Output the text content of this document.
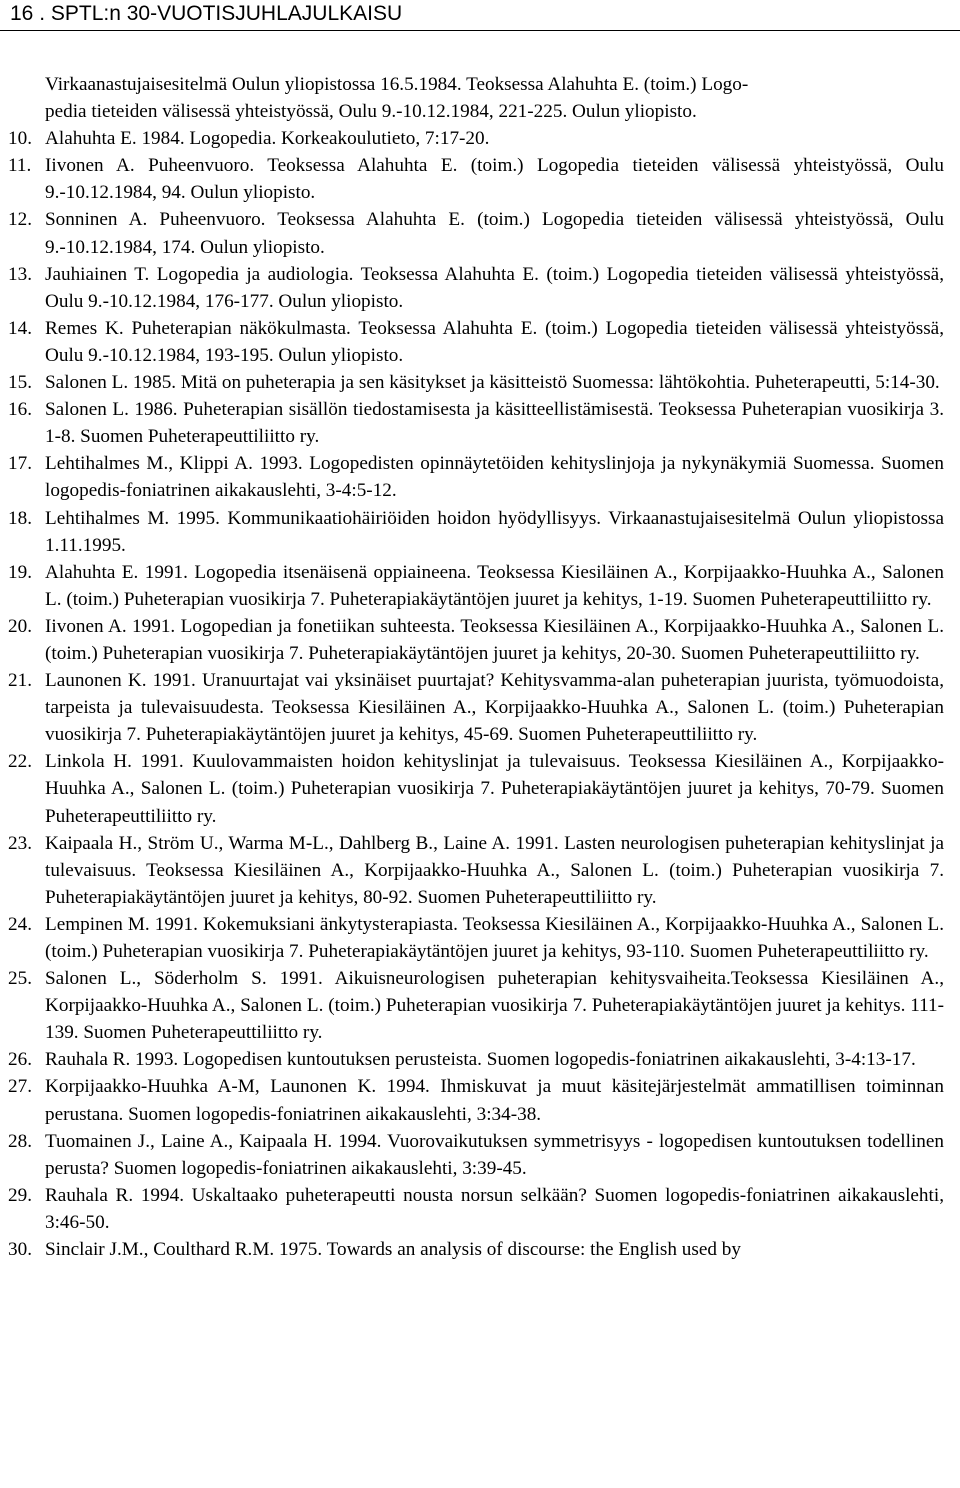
16 . SPTL:n 30-VUOTISJUHLAJULKAISU
Virkaanastujaisesitelmä Oulun yliopistossa 16.5.1984. Teoksessa Alahuhta E. (toim.) Logo-
pedia tieteiden välisessä yhteistyössä, Oulu 9.-10.12.1984, 221-225. Oulun yliopisto.
10. Alahuhta E. 1984. Logopedia. Korkeakoulutieto, 7:17-20.
11. Iivonen A. Puheenvuoro. Teoksessa Alahuhta E. (toim.) Logopedia tieteiden välisessä yhteistyössä, Oulu 9.-10.12.1984, 94. Oulun yliopisto.
12. Sonninen A. Puheenvuoro. Teoksessa Alahuhta E. (toim.) Logopedia tieteiden välisessä yhteistyössä, Oulu 9.-10.12.1984, 174. Oulun yliopisto.
13. Jauhiainen T. Logopedia ja audiologia. Teoksessa Alahuhta E. (toim.) Logopedia tieteiden välisessä yhteistyössä, Oulu 9.-10.12.1984, 176-177. Oulun yliopisto.
14. Remes K. Puheterapian näkökulmasta. Teoksessa Alahuhta E. (toim.) Logopedia tieteiden välisessä yhteistyössä, Oulu 9.-10.12.1984, 193-195. Oulun yliopisto.
15. Salonen L. 1985. Mitä on puheterapia ja sen käsitykset ja käsitteistö Suomessa: lähtökohtia. Puheterapeutti, 5:14-30.
16. Salonen L. 1986. Puheterapian sisällön tiedostamisesta ja käsitteellistämisestä. Teoksessa Puheterapian vuosikirja 3. 1-8. Suomen Puheterapeuttiliitto ry.
17. Lehtihalmes M., Klippi A. 1993. Logopedisten opinnäytetöiden kehityslinjoja ja nykynäkymiä Suomessa. Suomen logopedis-foniatrinen aikakauslehti, 3-4:5-12.
18. Lehtihalmes M. 1995. Kommunikaatiohäiriöiden hoidon hyödyllisyys. Virkaanastujaisesitelmä Oulun yliopistossa 1.11.1995.
19. Alahuhta E. 1991. Logopedia itsenäisenä oppiaineena. Teoksessa Kiesiläinen A., Korpijaakko-Huuhka A., Salonen L. (toim.) Puheterapian vuosikirja 7. Puheterapiakäytäntöjen juuret ja kehitys, 1-19. Suomen Puheterapeuttiliitto ry.
20. Iivonen A. 1991. Logopedian ja fonetiikan suhteesta. Teoksessa Kiesiläinen A., Korpijaakko-Huuhka A., Salonen L. (toim.) Puheterapian vuosikirja 7. Puheterapiakäytäntöjen juuret ja kehitys, 20-30. Suomen Puheterapeuttiliitto ry.
21. Launonen K. 1991. Uranuurtajat vai yksinäiset puurtajat? Kehitysvamma-alan puheterapian juurista, työmuodoista, tarpeista ja tulevaisuudesta. Teoksessa Kiesiläinen A., Korpijaakko-Huuhka A., Salonen L. (toim.) Puheterapian vuosikirja 7. Puheterapiakäytäntöjen juuret ja kehitys, 45-69. Suomen Puheterapeuttiliitto ry.
22. Linkola H. 1991. Kuulovammaisten hoidon kehityslinjat ja tulevaisuus. Teoksessa Kiesiläinen A., Korpijaakko-Huuhka A., Salonen L. (toim.) Puheterapian vuosikirja 7. Puheterapiakäytäntöjen juuret ja kehitys, 70-79. Suomen Puheterapeuttiliitto ry.
23. Kaipaala H., Ström U., Warma M-L., Dahlberg B., Laine A. 1991. Lasten neurologisen puheterapian kehityslinjat ja tulevaisuus. Teoksessa Kiesiläinen A., Korpijaakko-Huuhka A., Salonen L. (toim.) Puheterapian vuosikirja 7. Puheterapiakäytäntöjen juuret ja kehitys, 80-92. Suomen Puheterapeuttiliitto ry.
24. Lempinen M. 1991. Kokemuksiani änkytysterapiasta. Teoksessa Kiesiläinen A., Korpijaakko-Huuhka A., Salonen L. (toim.) Puheterapian vuosikirja 7. Puheterapiakäytäntöjen juuret ja kehitys, 93-110. Suomen Puheterapeuttiliitto ry.
25. Salonen L., Söderholm S. 1991. Aikuisneurologisen puheterapian kehitysvaiheita.Teoksessa Kiesiläinen A., Korpijaakko-Huuhka A., Salonen L. (toim.) Puheterapian vuosikirja 7. Puheterapiakäytäntöjen juuret ja kehitys. 111-139. Suomen Puheterapeuttiliitto ry.
26. Rauhala R. 1993. Logopedisen kuntoutuksen perusteista. Suomen logopedis-foniatrinen aikakauslehti, 3-4:13-17.
27. Korpijaakko-Huuhka A-M, Launonen K. 1994. Ihmiskuvat ja muut käsitejärjestelmät ammatillisen toiminnan perustana. Suomen logopedis-foniatrinen aikakauslehti, 3:34-38.
28. Tuomainen J., Laine A., Kaipaala H. 1994. Vuorovaikutuksen symmetrisyys - logopedisen kuntoutuksen todellinen perusta? Suomen logopedis-foniatrinen aikakauslehti, 3:39-45.
29. Rauhala R. 1994. Uskaltaako puheterapeutti nousta norsun selkään? Suomen logopedis-foniatrinen aikakauslehti, 3:46-50.
30. Sinclair J.M., Coulthard R.M. 1975. Towards an analysis of discourse: the English used by
